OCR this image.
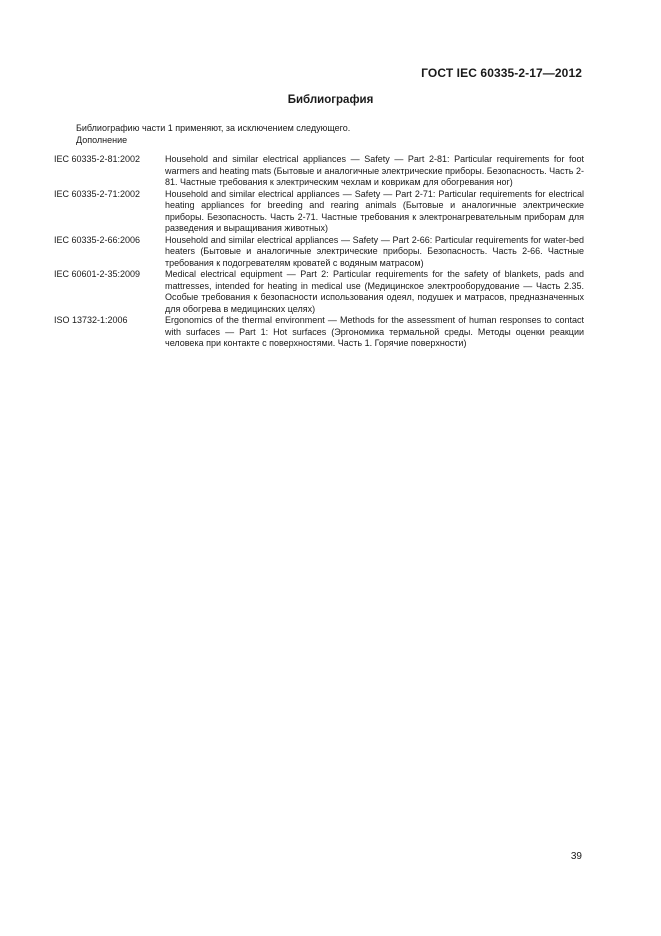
ГОСТ IEC 60335-2-17—2012
Библиография
Библиографию части 1 применяют, за исключением следующего.
Дополнение
IEC 60335-2-81:2002	Household and similar electrical appliances — Safety — Part 2-81: Particular requirements for foot warmers and heating mats (Бытовые и аналогичные электрические приборы. Безопасность. Часть 2-81. Частные требования к электрическим чехлам и коврикам для обогревания ног)
IEC 60335-2-71:2002	Household and similar electrical appliances — Safety — Part 2-71: Particular requirements for electrical heating appliances for breeding and rearing animals (Бытовые и аналогичные электрические приборы. Безопасность. Часть 2-71. Частные требования к электронагревательным приборам для разведения и выращивания животных)
IEC 60335-2-66:2006	Household and similar electrical appliances — Safety — Part 2-66: Particular requirements for water-bed heaters (Бытовые и аналогичные электрические приборы. Безопасность. Часть 2-66. Частные требования к подогревателям кроватей с водяным матрасом)
IEC 60601-2-35:2009	Medical electrical equipment — Part 2: Particular requirements for the safety of blankets, pads and mattresses, intended for heating in medical use (Медицинское электрооборудование — Часть 2.35. Особые требования к безопасности использования одеял, подушек и матрасов, предназначенных для обогрева в медицинских целях)
ISO 13732-1:2006	Ergonomics of the thermal environment — Methods for the assessment of human responses to contact with surfaces — Part 1: Hot surfaces (Эргономика термальной среды. Методы оценки реакции человека при контакте с поверхностями. Часть 1. Горячие поверхности)
39
